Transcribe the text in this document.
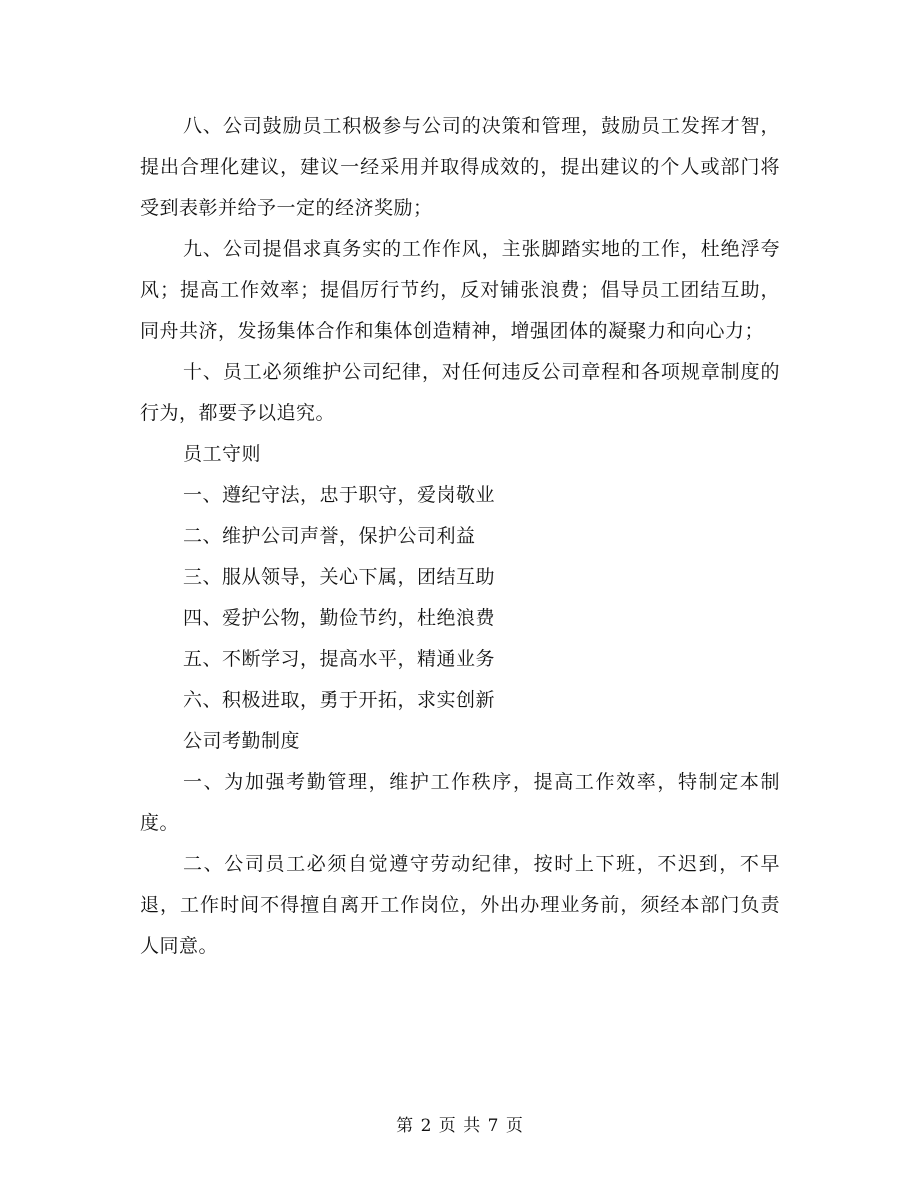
八、公司鼓励员工积极参与公司的决策和管理，鼓励员工发挥才智，提出合理化建议，建议一经采用并取得成效的，提出建议的个人或部门将受到表彰并给予一定的经济奖励；

九、公司提倡求真务实的工作作风，主张脚踏实地的工作，杜绝浮夸风；提高工作效率；提倡厉行节约，反对铺张浪费；倡导员工团结互助，同舟共济，发扬集体合作和集体创造精神，增强团体的凝聚力和向心力；

十、员工必须维护公司纪律，对任何违反公司章程和各项规章制度的行为，都要予以追究。

员工守则

一、遵纪守法，忠于职守，爱岗敬业

二、维护公司声誉，保护公司利益

三、服从领导，关心下属，团结互助

四、爱护公物，勤俭节约，杜绝浪费

五、不断学习，提高水平，精通业务

六、积极进取，勇于开拓，求实创新

公司考勤制度

一、为加强考勤管理，维护工作秩序，提高工作效率，特制定本制度。

二、公司员工必须自觉遵守劳动纪律，按时上下班，不迟到，不早退，工作时间不得擅自离开工作岗位，外出办理业务前，须经本部门负责人同意。

第 2 页 共 7 页
